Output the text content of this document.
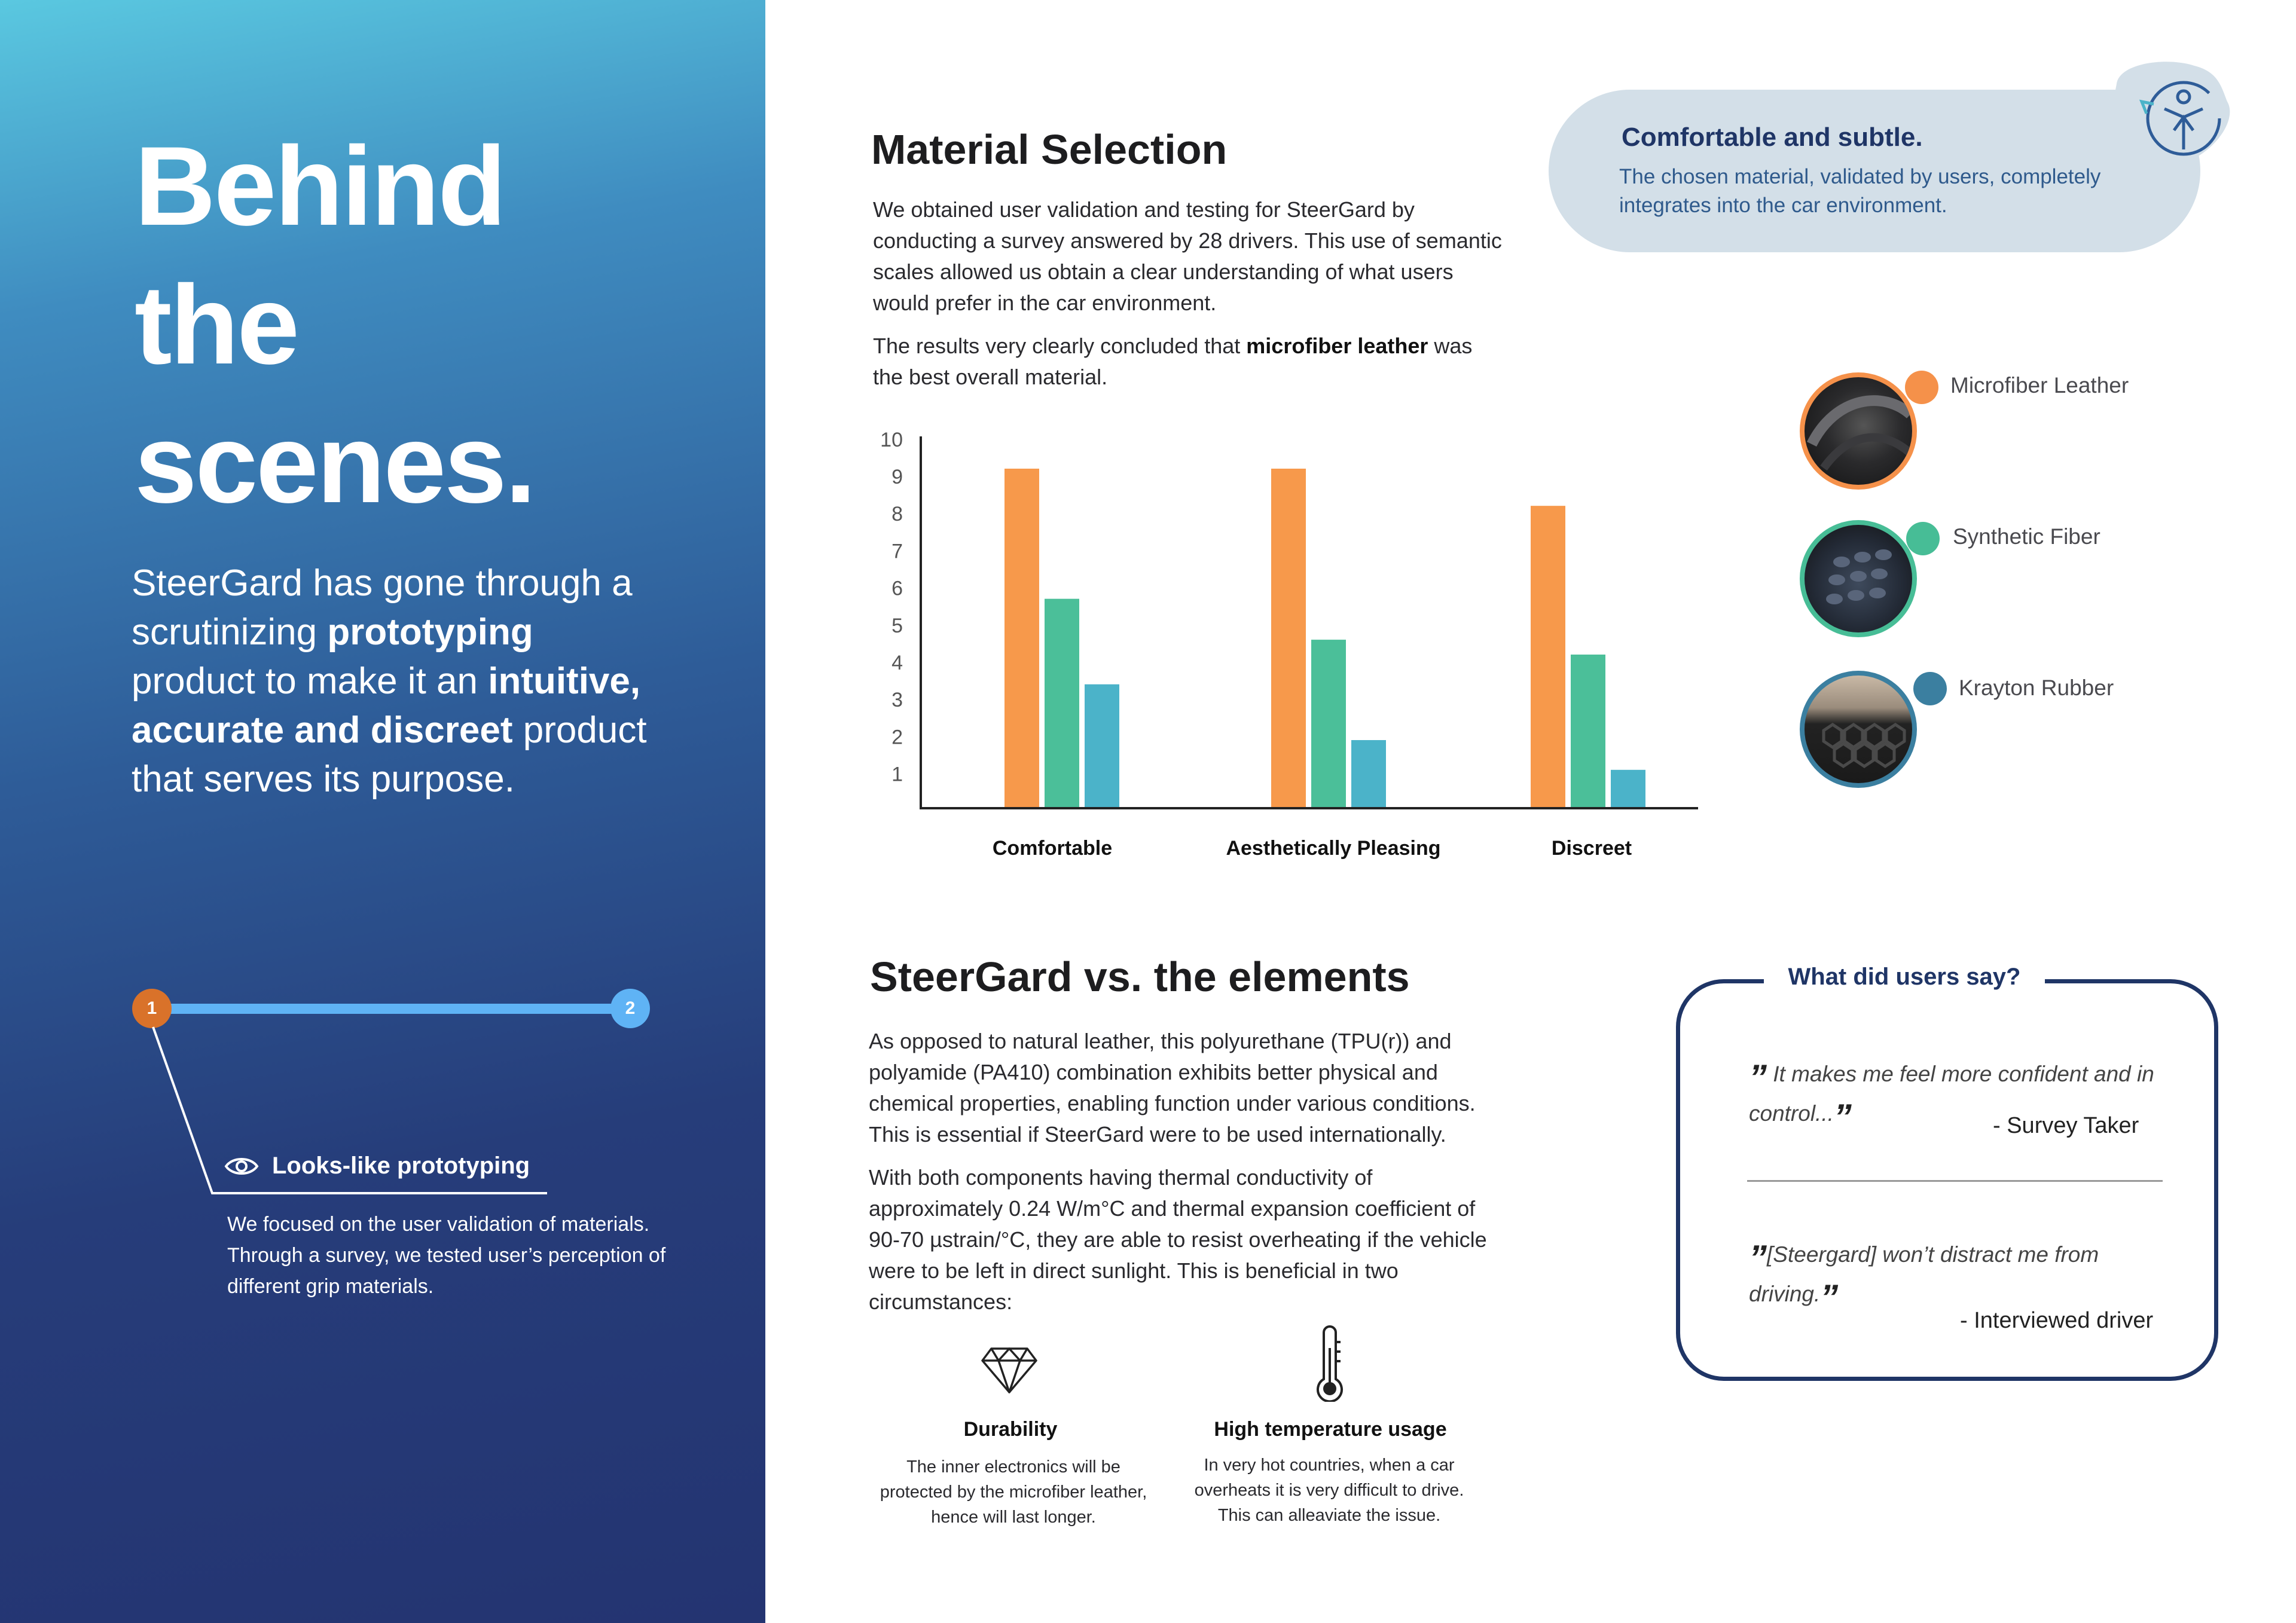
Behind
the
scenes.
SteerGard has gone through a scrutinizing prototyping product to make it an intuitive, accurate and discreet product that serves its purpose.
1	2
Looks-like prototyping
We focused on the user validation of materials. Through a survey, we tested user’s perception of different grip materials.
Material Selection
We obtained user validation and testing for SteerGard by conducting a survey answered by 28 drivers. This use of semantic scales allowed us obtain a clear understanding of what users would prefer in the car environment.
The results very clearly concluded that microfiber leather was the best overall material.
1
2
3
4
5
6
7
8
9
10
Comfortable	Aesthetically Pleasing	Discreet
Comfortable and subtle.
The chosen material, validated by users, completely integrates into the car environment.
Microfiber Leather
Synthetic Fiber
Krayton Rubber
SteerGard vs. the elements
As opposed to natural leather, this polyurethane (TPU(r)) and polyamide (PA410) combination exhibits better physical and chemical properties, enabling function under various conditions. This is essential if SteerGard were to be used internationally.
With both components having thermal conductivity of approximately 0.24 W/m°C and thermal expansion coefficient of 90-70 µstrain/°C, they are able to resist overheating if the vehicle were to be left in direct sunlight. This is beneficial in two circumstances:
Durability
The inner electronics will be protected by the microfiber leather, hence will last longer.
High temperature usage
In very hot countries, when a car overheats it is very difficult to drive. This can alleaviate the issue.
What did users say?
” It makes me feel more confident and in control...”	- Survey Taker
”[Steergard] won’t distract me from driving.”
- Interviewed driver
